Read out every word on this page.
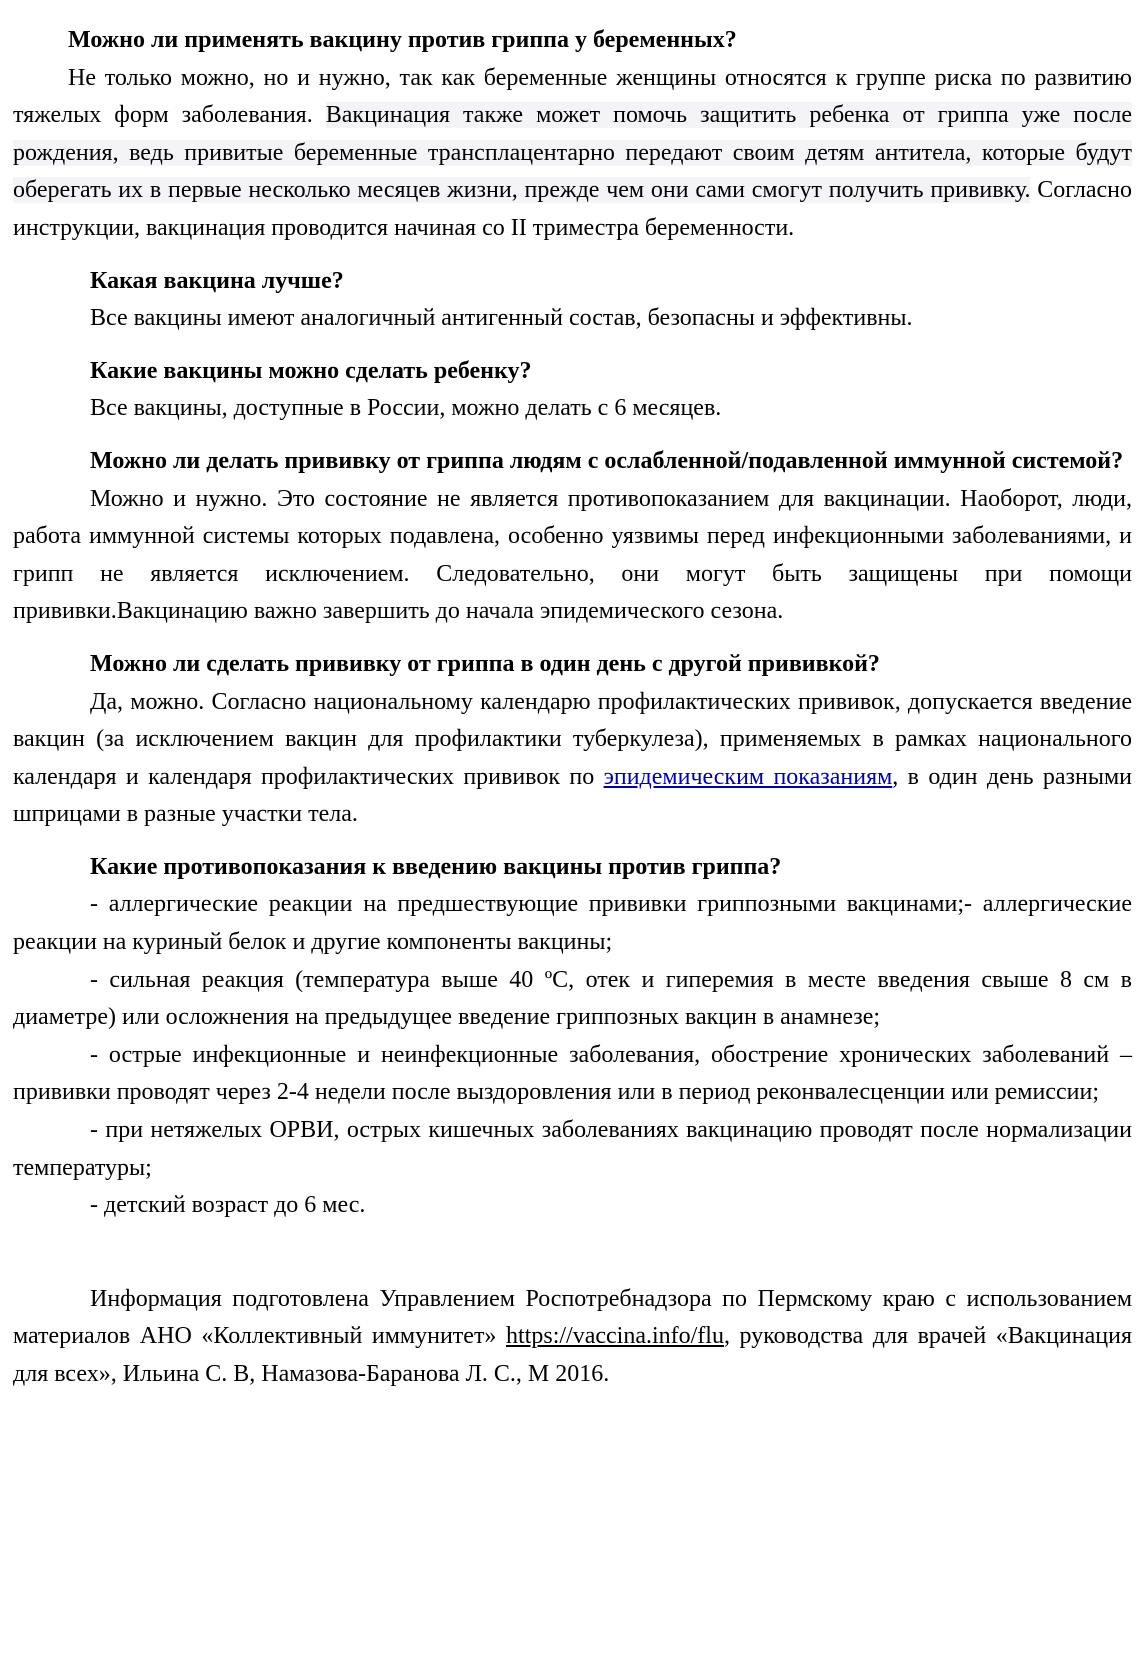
Можно ли применять вакцину против гриппа у беременных?

Не только можно, но и нужно, так как беременные женщины относятся к группе риска по развитию тяжелых форм заболевания. Вакцинация также может помочь защитить ребенка от гриппа уже после рождения, ведь привитые беременные трансплацентарно передают своим детям антитела, которые будут оберегать их в первые несколько месяцев жизни, прежде чем они сами смогут получить прививку. Согласно инструкции, вакцинация проводится начиная со II триместра беременности.

Какая вакцина лучше?

Все вакцины имеют аналогичный антигенный состав, безопасны и эффективны.

Какие вакцины можно сделать ребенку?

Все вакцины, доступные в России, можно делать с 6 месяцев.

Можно ли делать прививку от гриппа людям с ослабленной/подавленной иммунной системой?

Можно и нужно. Это состояние не является противопоказанием для вакцинации. Наоборот, люди, работа иммунной системы которых подавлена, особенно уязвимы перед инфекционными заболеваниями, и грипп не является исключением. Следовательно, они могут быть защищены при помощи прививки.Вакцинацию важно завершить до начала эпидемического сезона.

Можно ли сделать прививку от гриппа в один день с другой прививкой?

Да, можно. Согласно национальному календарю профилактических прививок, допускается введение вакцин (за исключением вакцин для профилактики туберкулеза), применяемых в рамках национального календаря и календаря профилактических прививок по эпидемическим показаниям, в один день разными шприцами в разные участки тела.

Какие противопоказания к введению вакцины против гриппа?

- аллергические реакции на предшествующие прививки гриппозными вакцинами;- аллергические реакции на куриный белок и другие компоненты вакцины;

- сильная реакция (температура выше 40 ºС, отек и гиперемия в месте введения свыше 8 см в диаметре) или осложнения на предыдущее введение гриппозных вакцин в анамнезе;

- острые инфекционные и неинфекционные заболевания, обострение хронических заболеваний – прививки проводят через 2-4 недели после выздоровления или в период реконвалесценции или ремиссии;

- при нетяжелых ОРВИ, острых кишечных заболеваниях вакцинацию проводят после нормализации температуры;

- детский возраст до 6 мес.

Информация подготовлена Управлением Роспотребнадзора по Пермскому краю с использованием материалов АНО «Коллективный иммунитет» https://vaccina.info/flu, руководства для врачей «Вакцинация для всех», Ильина С. В, Намазова-Баранова Л. С., М 2016.
